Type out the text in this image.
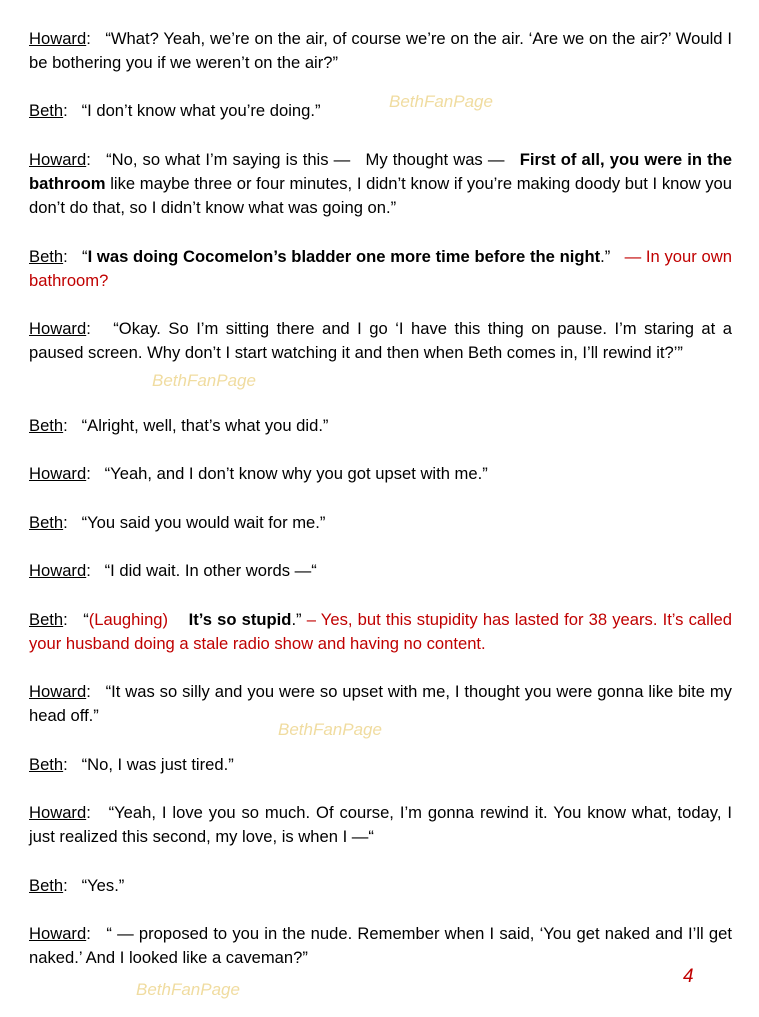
Howard:   “What? Yeah, we’re on the air, of course we’re on the air. ‘Are we on the air?’ Would I be bothering you if we weren’t on the air?”

Beth:   “I don’t know what you’re doing.”

Howard:   “No, so what I’m saying is this —   My thought was —   First of all, you were in the bathroom like maybe three or four minutes, I didn’t know if you’re making doody but I know you don’t do that, so I didn’t know what was going on.”

Beth:   “I was doing Cocomelon’s bladder one more time before the night.”   — In your own bathroom?

Howard:   “Okay. So I’m sitting there and I go ‘I have this thing on pause. I’m staring at a paused screen. Why don’t I start watching it and then when Beth comes in, I’ll rewind it?’”

Beth:   “Alright, well, that’s what you did.”

Howard:   “Yeah, and I don’t know why you got upset with me.”

Beth:   “You said you would wait for me.”

Howard:   “I did wait. In other words —“

Beth:   “(Laughing) It’s so stupid.” – Yes, but this stupidity has lasted for 38 years. It’s called your husband doing a stale radio show and having no content.

Howard:   “It was so silly and you were so upset with me, I thought you were gonna like bite my head off.”

Beth:   “No, I was just tired.”

Howard:   “Yeah, I love you so much. Of course, I’m gonna rewind it. You know what, today, I just realized this second, my love, is when I —“

Beth:   “Yes.”

Howard:   “ — proposed to you in the nude. Remember when I said, ‘You get naked and I’ll get naked.’ And I looked like a caveman?”

BethFanPage
BethFanPage
BethFanPage
BethFanPage
4
